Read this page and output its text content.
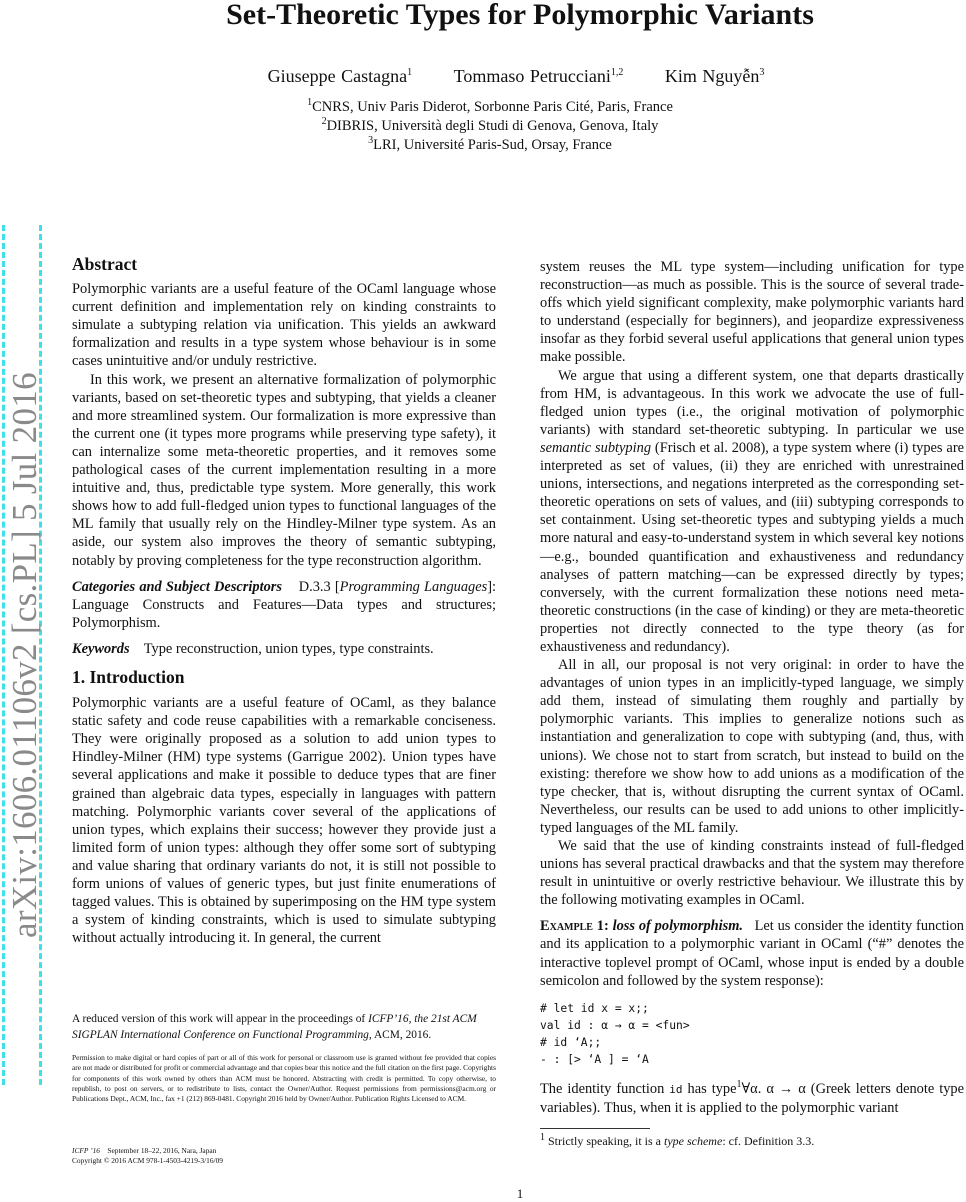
Set-Theoretic Types for Polymorphic Variants
Giuseppe Castagna$^1$ Tommaso Petrucciani$^{1,2}$ Kim Nguyễn$^3$
$^1$CNRS, Univ Paris Diderot, Sorbonne Paris Cité, Paris, France
$^2$DIBRIS, Università degli Studi di Genova, Genova, Italy
$^3$LRI, Université Paris-Sud, Orsay, France
arXiv:1606.01106v2 [cs.PL] 5 Jul 2016
Abstract

Polymorphic variants are a useful feature of the OCaml language whose current definition and implementation rely on kinding constraints to simulate a subtyping relation via unification. This yields an awkward formalization and results in a type system whose behaviour is in some cases unintuitive and/or unduly restrictive.

In this work, we present an alternative formalization of polymorphic variants, based on set-theoretic types and subtyping, that yields a cleaner and more streamlined system. Our formalization is more expressive than the current one (it types more programs while preserving type safety), it can internalize some meta-theoretic properties, and it removes some pathological cases of the current implementation resulting in a more intuitive and, thus, predictable type system. More generally, this work shows how to add full-fledged union types to functional languages of the ML family that usually rely on the Hindley-Milner type system. As an aside, our system also improves the theory of semantic subtyping, notably by proving completeness for the type reconstruction algorithm.

Categories and Subject Descriptors D.3.3 [Programming Languages]: Language Constructs and Features—Data types and structures; Polymorphism.

Keywords Type reconstruction, union types, type constraints.

1. Introduction

Polymorphic variants are a useful feature of OCaml, as they balance static safety and code reuse capabilities with a remarkable conciseness. They were originally proposed as a solution to add union types to Hindley-Milner (HM) type systems (Garrigue 2002). Union types have several applications and make it possible to deduce types that are finer grained than algebraic data types, especially in languages with pattern matching. Polymorphic variants cover several of the applications of union types, which explains their success; however they provide just a limited form of union types: although they offer some sort of subtyping and value sharing that ordinary variants do not, it is still not possible to form unions of values of generic types, but just finite enumerations of tagged values. This is obtained by superimposing on the HM type system a system of kinding constraints, which is used to simulate subtyping without actually introducing it. In general, the current

A reduced version of this work will appear in the proceedings of ICFP’16, the 21st ACM SIGPLAN International Conference on Functional Programming, ACM, 2016.
Permission to make digital or hard copies of part or all of this work for personal or classroom use is granted without fee provided that copies are not made or distributed for profit or commercial advantage and that copies bear this notice and the full citation on the first page. Copyrights for components of this work owned by others than ACM must be honored. Abstracting with credit is permitted. To copy otherwise, to republish, to post on servers, or to redistribute to lists, contact the Owner/Author. Request permissions from permissions@acm.org or Publications Dept., ACM, Inc., fax +1 (212) 869-0481. Copyright 2016 held by Owner/Author. Publication Rights Licensed to ACM.
ICFP ’16 September 18–22, 2016, Nara, Japan
Copyright © 2016 ACM 978-1-4503-4219-3/16/09

system reuses the ML type system—including unification for type reconstruction—as much as possible. This is the source of several trade-offs which yield significant complexity, make polymorphic variants hard to understand (especially for beginners), and jeopardize expressiveness insofar as they forbid several useful applications that general union types make possible.

We argue that using a different system, one that departs drastically from HM, is advantageous. In this work we advocate the use of full-fledged union types (i.e., the original motivation of polymorphic variants) with standard set-theoretic subtyping. In particular we use semantic subtyping (Frisch et al. 2008), a type system where (i) types are interpreted as set of values, (ii) they are enriched with unrestrained unions, intersections, and negations interpreted as the corresponding set-theoretic operations on sets of values, and (iii) subtyping corresponds to set containment. Using set-theoretic types and subtyping yields a much more natural and easy-to-understand system in which several key notions—e.g., bounded quantification and exhaustiveness and redundancy analyses of pattern matching—can be expressed directly by types; conversely, with the current formalization these notions need meta-theoretic constructions (in the case of kinding) or they are meta-theoretic properties not directly connected to the type theory (as for exhaustiveness and redundancy).

All in all, our proposal is not very original: in order to have the advantages of union types in an implicitly-typed language, we simply add them, instead of simulating them roughly and partially by polymorphic variants. This implies to generalize notions such as instantiation and generalization to cope with subtyping (and, thus, with unions). We chose not to start from scratch, but instead to build on the existing: therefore we show how to add unions as a modification of the type checker, that is, without disrupting the current syntax of OCaml. Nevertheless, our results can be used to add unions to other implicitly-typed languages of the ML family.

We said that the use of kinding constraints instead of full-fledged unions has several practical drawbacks and that the system may therefore result in unintuitive or overly restrictive behaviour. We illustrate this by the following motivating examples in OCaml.

Example 1: loss of polymorphism. Let us consider the identity function and its application to a polymorphic variant in OCaml (“#” denotes the interactive toplevel prompt of OCaml, whose input is ended by a double semicolon and followed by the system response):

# let id x = x;;
val id : α → α = <fun>
# id ‘A;;
- : [> ‘A ] = ‘A

The identity function id has type$^1$∀α. α → α (Greek letters denote type variables). Thus, when it is applied to the polymorphic variant

$^1$ Strictly speaking, it is a type scheme: cf. Definition 3.3.
1
